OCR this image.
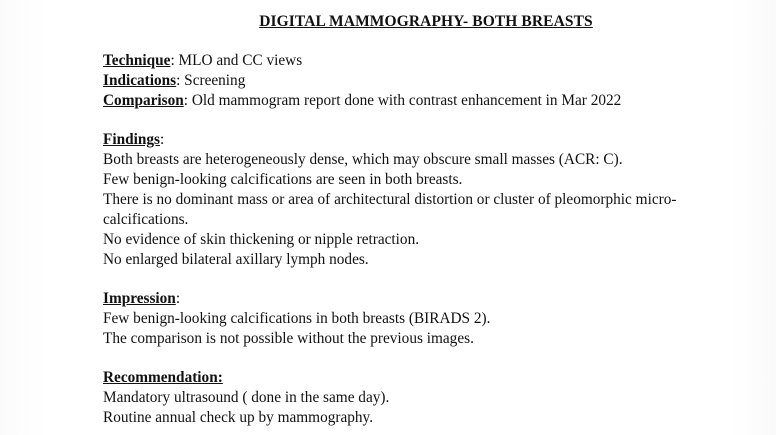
DIGITAL MAMMOGRAPHY- BOTH BREASTS
Technique: MLO and CC views
Indications: Screening
Comparison: Old mammogram report done with contrast enhancement in Mar 2022
Findings:
Both breasts are heterogeneously dense, which may obscure small masses (ACR: C).
Few benign-looking calcifications are seen in both breasts.
There is no dominant mass or area of architectural distortion or cluster of pleomorphic micro-
calcifications.
No evidence of skin thickening or nipple retraction.
No enlarged bilateral axillary lymph nodes.
Impression:
Few benign-looking calcifications in both breasts (BIRADS 2).
The comparison is not possible without the previous images.
Recommendation:
Mandatory ultrasound ( done in the same day).
Routine annual check up by mammography.
